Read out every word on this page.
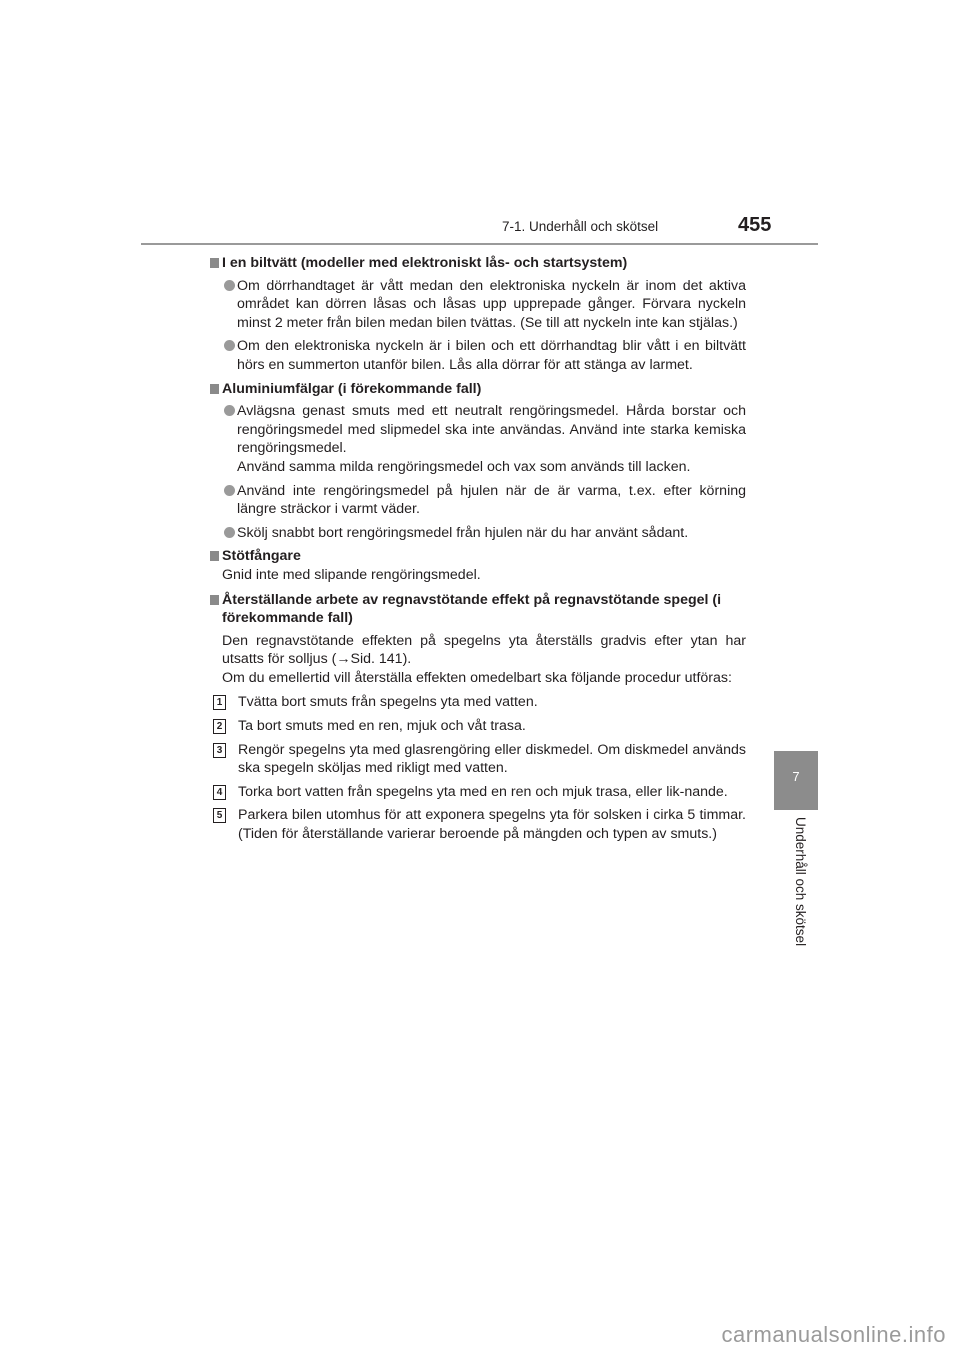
7-1. Underhåll och skötsel	455
7
Underhåll och skötsel
I en biltvätt (modeller med elektroniskt lås- och startsystem)

Om dörrhandtaget är vått medan den elektroniska nyckeln är inom det aktiva området kan dörren låsas och låsas upp upprepade gånger. Förvara nyckeln minst 2 meter från bilen medan bilen tvättas. (Se till att nyckeln inte kan stjälas.)

Om den elektroniska nyckeln är i bilen och ett dörrhandtag blir vått i en biltvätt hörs en summerton utanför bilen. Lås alla dörrar för att stänga av larmet.

Aluminiumfälgar (i förekommande fall)

Avlägsna genast smuts med ett neutralt rengöringsmedel. Hårda borstar och rengöringsmedel med slipmedel ska inte användas. Använd inte starka kemiska rengöringsmedel.

Använd samma milda rengöringsmedel och vax som används till lacken.

Använd inte rengöringsmedel på hjulen när de är varma, t.ex. efter körning längre sträckor i varmt väder.

Skölj snabbt bort rengöringsmedel från hjulen när du har använt sådant.

Stötfångare

Gnid inte med slipande rengöringsmedel.

Återställande arbete av regnavstötande effekt på regnavstötande spegel (i förekommande fall)

Den regnavstötande effekten på spegelns yta återställs gradvis efter ytan har utsatts för solljus (→Sid. 141).

Om du emellertid vill återställa effekten omedelbart ska följande procedur utföras:

1 Tvätta bort smuts från spegelns yta med vatten.

2 Ta bort smuts med en ren, mjuk och våt trasa.

3 Rengör spegelns yta med glasrengöring eller diskmedel. Om diskmedel används ska spegeln sköljas med rikligt med vatten.

4 Torka bort vatten från spegelns yta med en ren och mjuk trasa, eller lik-nande.

5 Parkera bilen utomhus för att exponera spegelns yta för solsken i cirka 5 timmar. (Tiden för återställande varierar beroende på mängden och typen av smuts.)

carmanualsonline.info
